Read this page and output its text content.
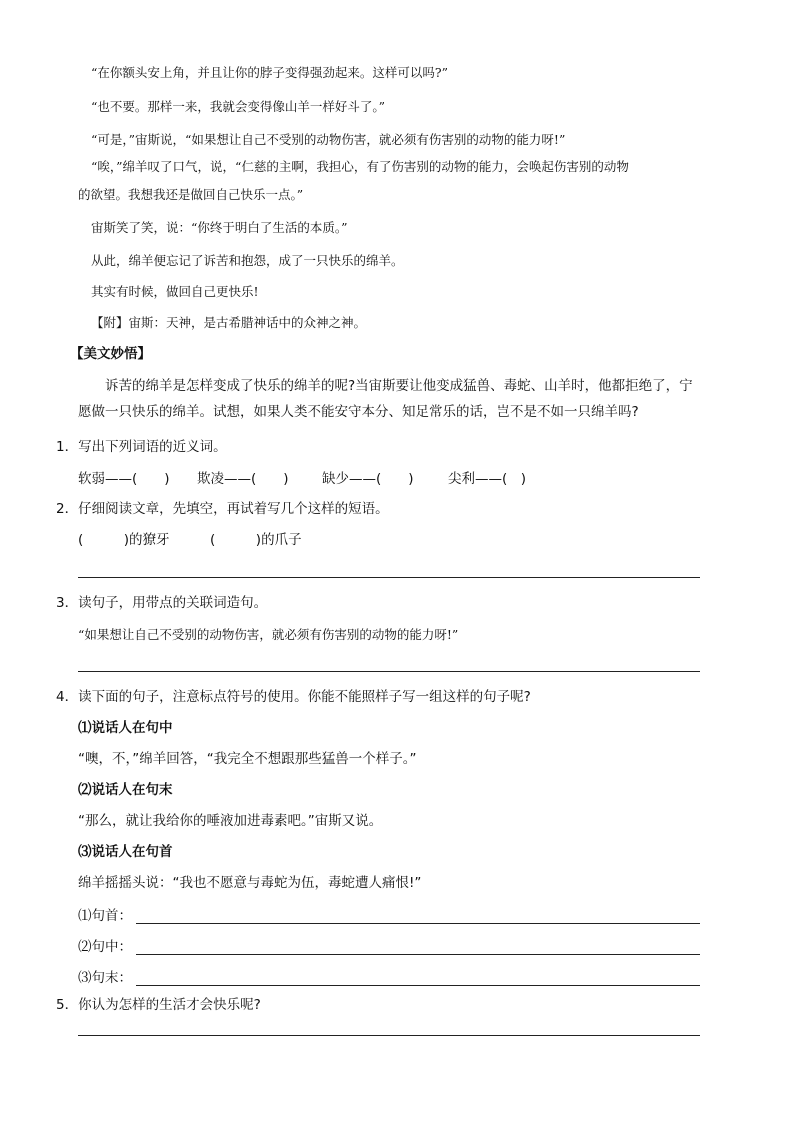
“在你额头安上角，并且让你的脖子变得强劲起来。这样可以吗?”
“也不要。那样一来，我就会变得像山羊一样好斗了。”
“可是，”宙斯说，“如果想让自己不受别的动物伤害，就必须有伤害别的动物的能力呀!”
“唉，”绵羊叹了口气，说，“仁慈的主啊，我担心，有了伤害别的动物的能力，会唤起伤害别的动物
的欲望。我想我还是做回自己快乐一点。”
宙斯笑了笑，说：“你终于明白了生活的本质。”
从此，绵羊便忘记了诉苦和抱怨，成了一只快乐的绵羊。
其实有时候，做回自己更快乐!
【附】宙斯：天神，是古希腊神话中的众神之神。
【美文妙悟】
诉苦的绵羊是怎样变成了快乐的绵羊的呢?当宙斯要让他变成猛兽、毒蛇、山羊时，他都拒绝了，宁愿做一只快乐的绵羊。试想，如果人类不能安守本分、知足常乐的话，岂不是不如一只绵羊吗?
1．写出下列词语的近义词。
软弱——(　　) 欺凌——(　　) 缺少——(　　)	尖利——(　)
2．仔细阅读文章，先填空，再试着写几个这样的短语。
(　　　)的獠牙　　　(　　　)的爪子
3．读句子，用带点的关联词造句。
“如果想让自己不受别的动物伤害，就必须有伤害别的动物的能力呀!”
4．读下面的句子，注意标点符号的使用。你能不能照样子写一组这样的句子呢?
⑴说话人在句中
“噢，不，”绵羊回答，“我完全不想跟那些猛兽一个样子。”
⑵说话人在句末
“那么，就让我给你的唾液加进毒素吧。”宙斯又说。
⑶说话人在句首
绵羊摇摇头说：“我也不愿意与毒蛇为伍，毒蛇遭人痛恨!”
⑴句首：
⑵句中：
⑶句末：
5．你认为怎样的生活才会快乐呢?
